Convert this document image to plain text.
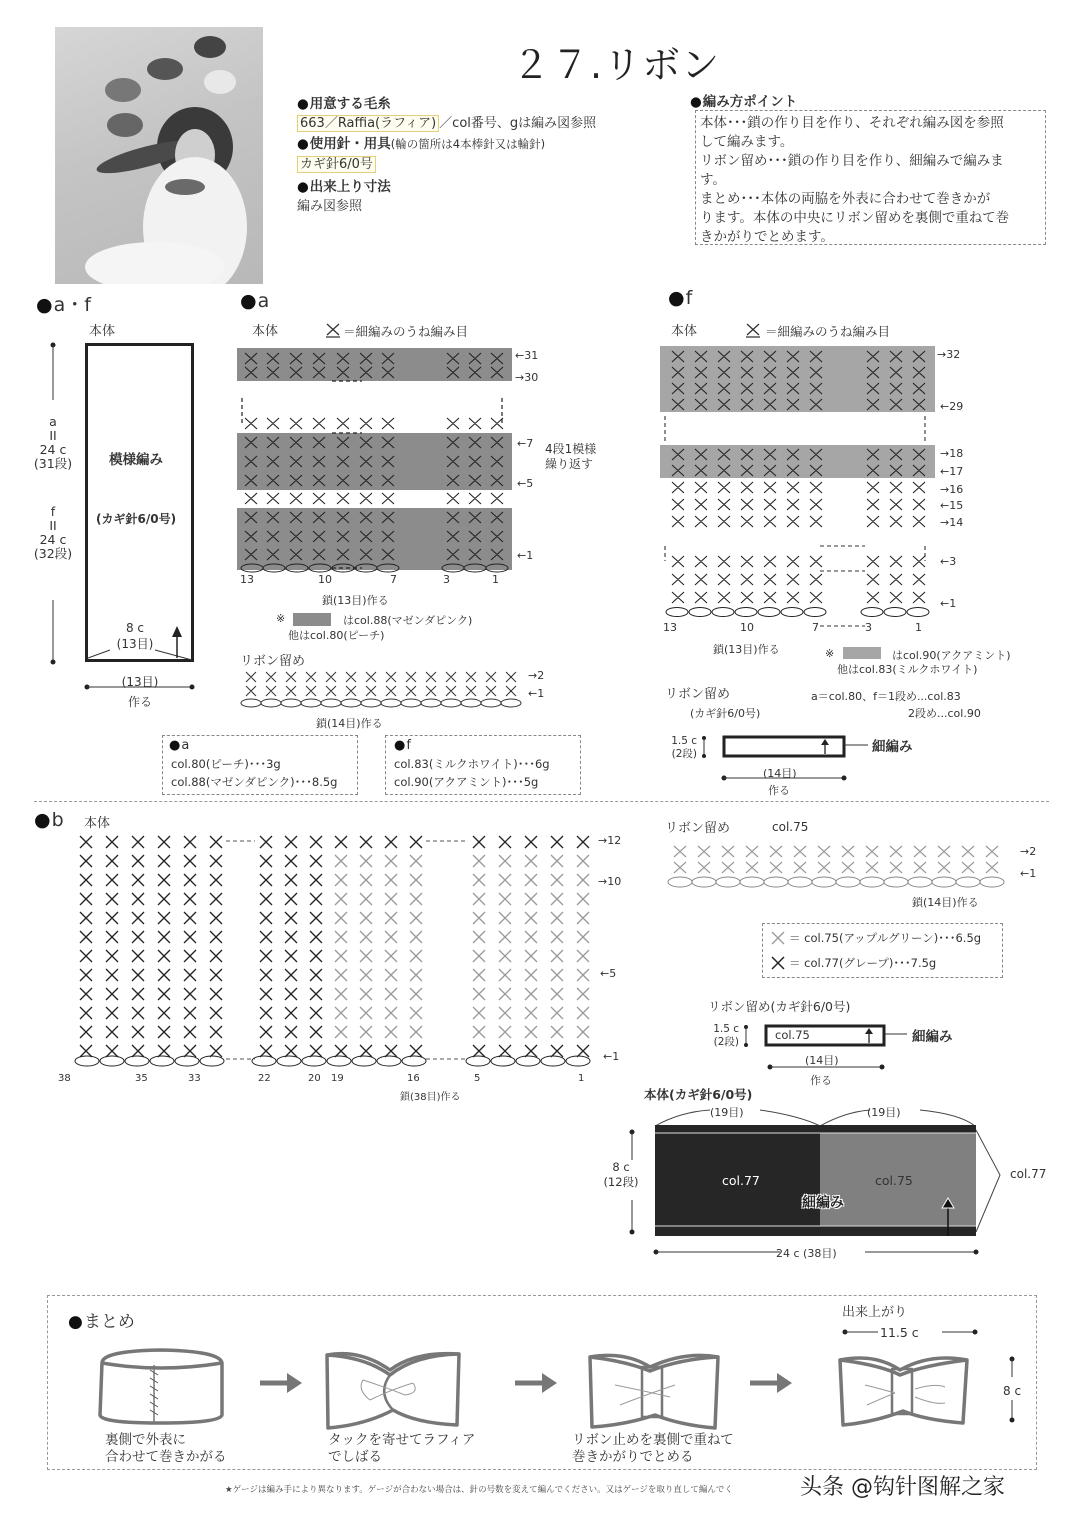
２７.リボン
● 用意する毛糸
663／Raffia(ラフィア) ／col番号、gは編み図参照
● 使用針・用具(輪の箇所は4本棒針又は輪針)
カギ針6/0号
● 出来上り寸法
編み図参照
● 編み方ポイント
本体･･･鎖の作り目を作り、それぞれ編み図を参照
して編みます。
リボン留め･･･鎖の作り目を作り、細編みで編みま
す。
まとめ･･･本体の両脇を外表に合わせて巻きかが
ります。本体の中央にリボン留めを裏側で重ねて巻
きかがりでとめます。
● a・f
本体
模様編み
(カギ針6/0号)
a
II
24 c
(31段)
f
II
24 c
(32段)
8 c
(13目)
(13目)
作る
● a
本体	＝細編みのうね編み目
←31
→30
←7
←5
←1
4段1模様
繰り返す
13	10	7	3	1
鎖(13目)作る
※	はcol.88(マゼンダピンク)
他はcol.80(ピーチ)
リボン留め
→2
←1
鎖(14目)作る
● a
col.80(ピーチ)･･･3g
col.88(マゼンダピンク)･･･8.5g
● f
col.83(ミルクホワイト)･･･6g
col.90(アクアミント)･･･5g
● f
本体	＝細編みのうね編み目
→32
←29
→18
←17
→16
←15
→14
←3
←1
13	10	7	3	1
鎖(13目)作る	※	はcol.90(アクアミント)
他はcol.83(ミルクホワイト)
リボン留め
(カギ針6/0号)
a＝col.80、f＝1段め...col.83
2段め...col.90
1.5 c
(2段)	細編み
(14目)
作る
● b 本体
→12
→10
←5
←1
38	35	33	22	20 19	16	5	1
鎖(38目)作る
リボン留め	col.75
→2
←1
鎖(14目)作る
＝ col.75(アップルグリーン)･･･6.5g
＝ col.77(グレープ)･･･7.5g
リボン留め(カギ針6/0号)
1.5 c
(2段)	col.75	細編み
(14目)
作る
本体(カギ針6/0号)
(19目)	(19目)
col.77	col.75
細編み
col.77
8 c
(12段)
24 c (38目)
● まとめ
裏側で外表に
合わせて巻きかがる
タックを寄せてラフィア
でしばる
リボン止めを裏側で重ねて
巻きかがりでとめる
出来上がり
11.5 c
8 c
★ゲージは編み手により異なります。ゲージが合わない場合は、針の号数を変えて編んでください。又はゲージを取り直して編んでく	头条 @钩针图解之家
